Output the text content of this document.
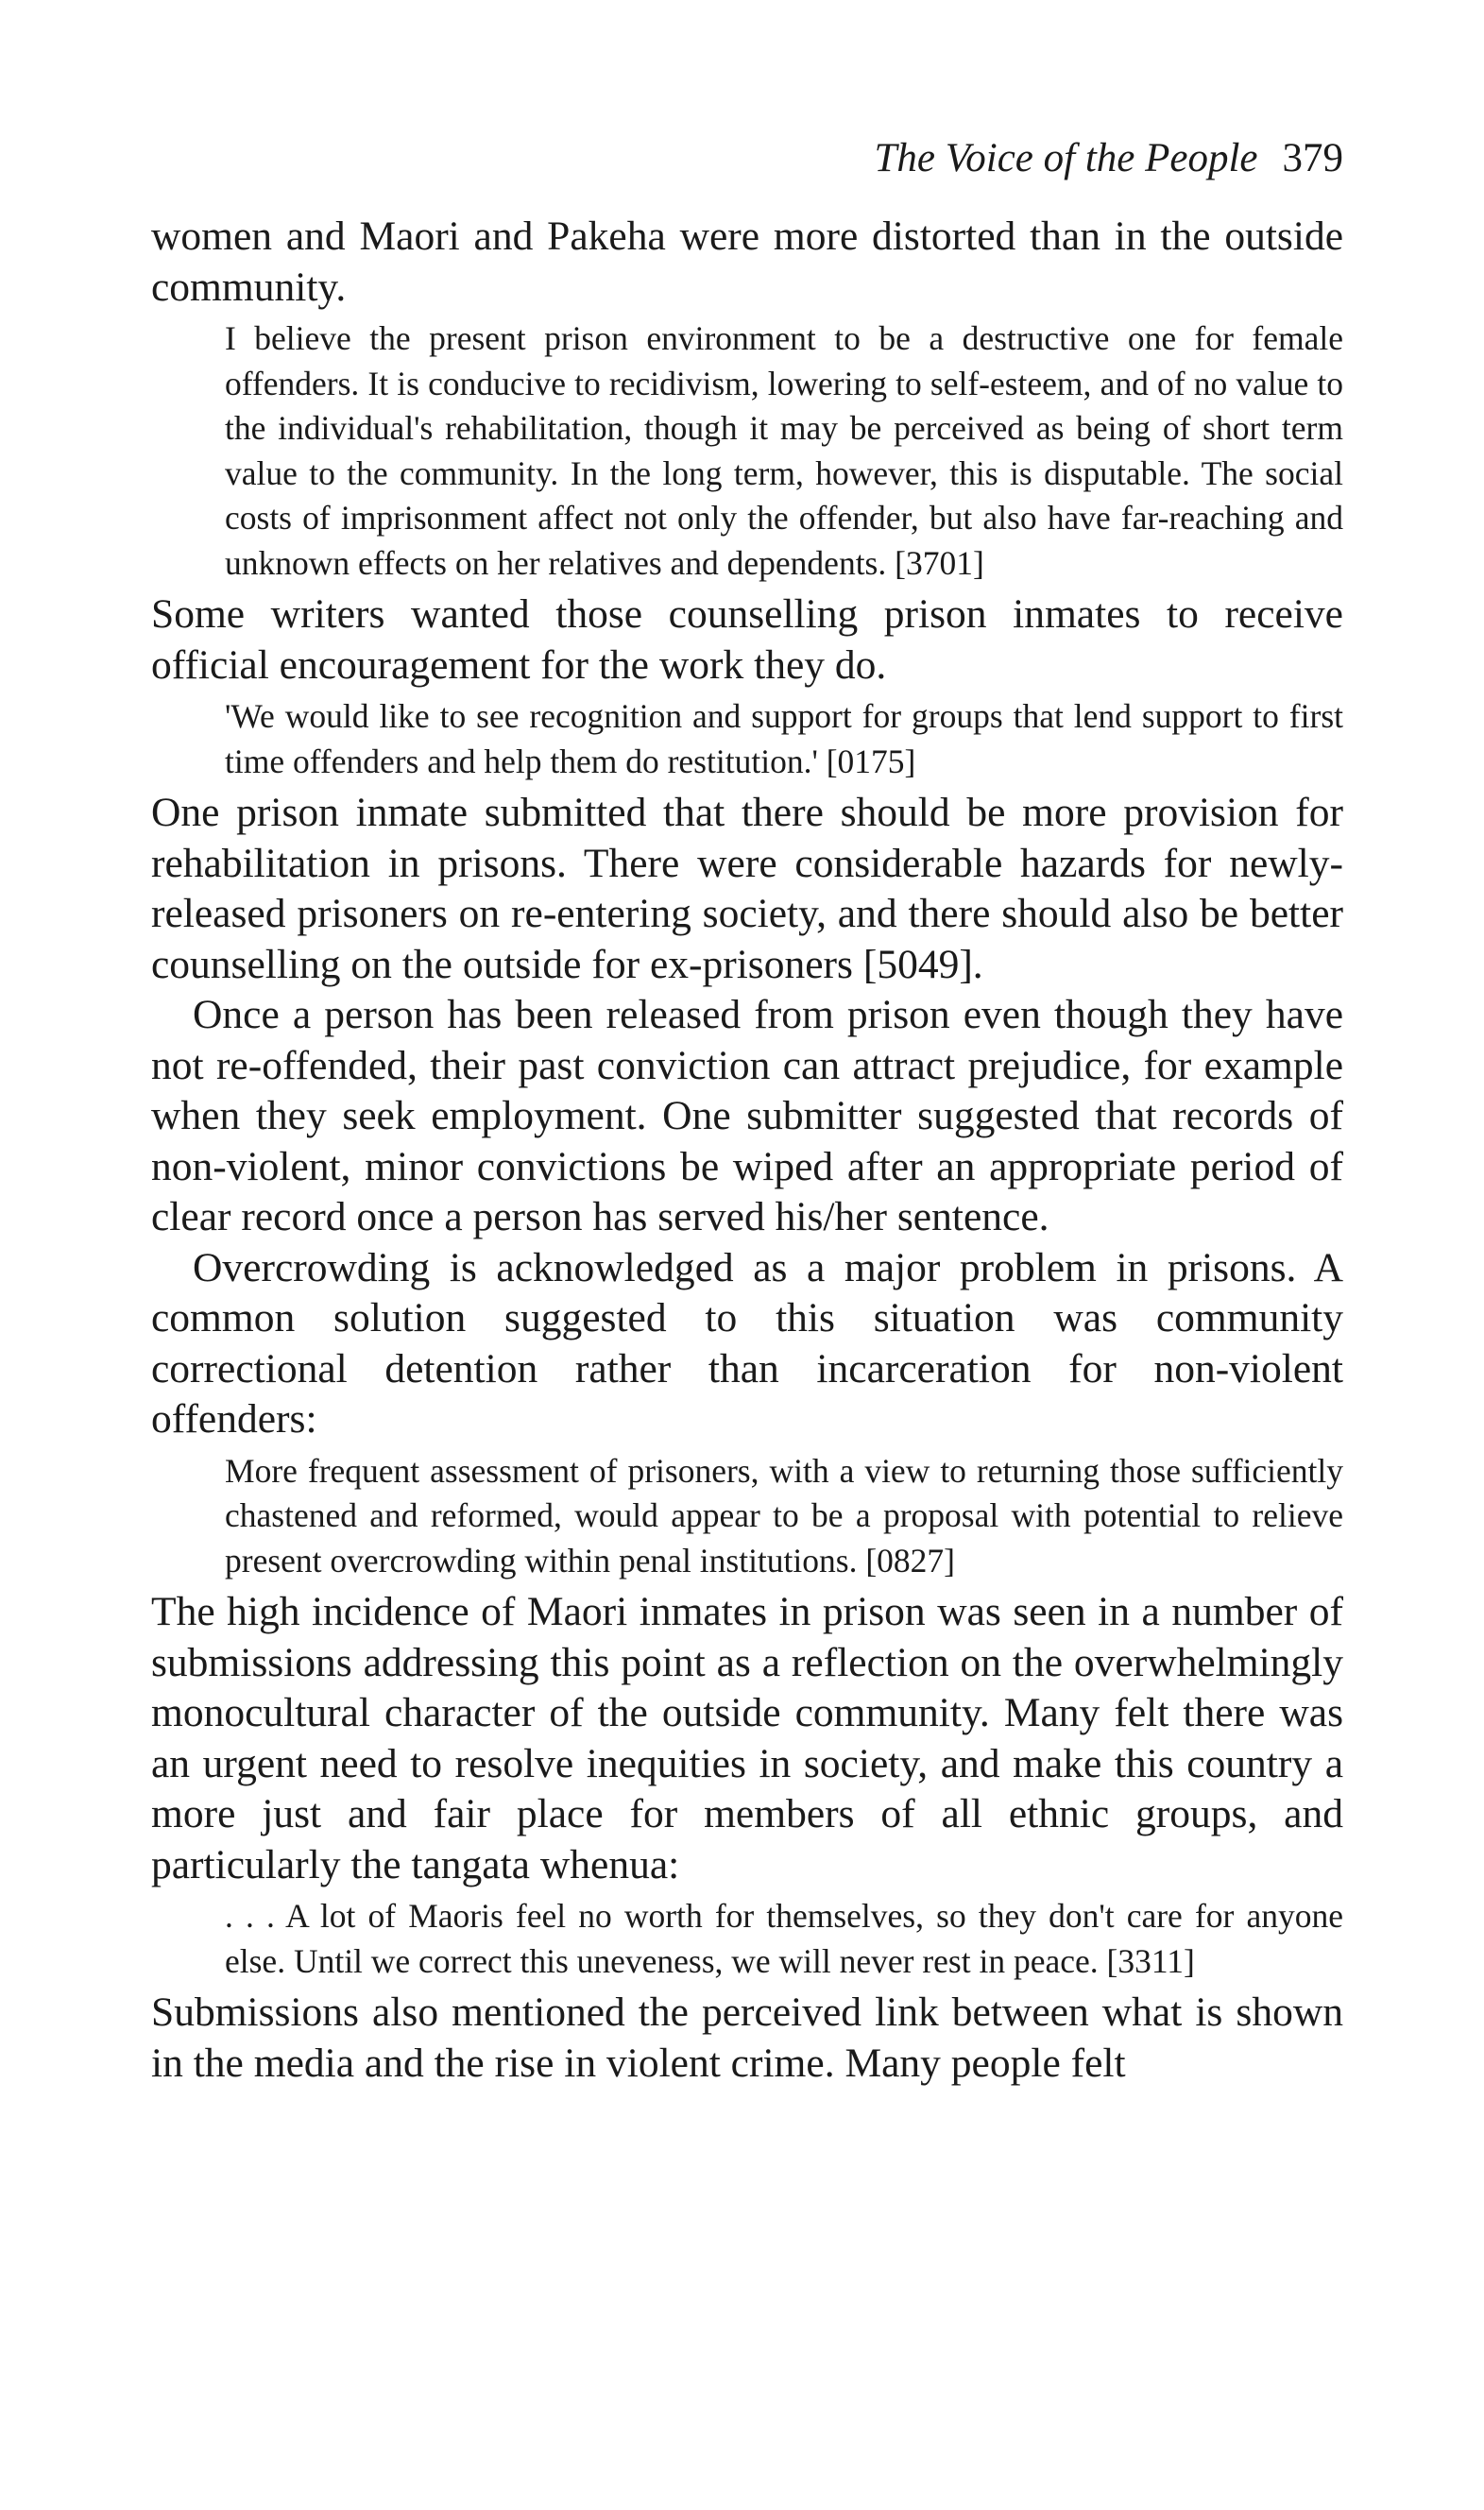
The Voice of the People 379

women and Maori and Pakeha were more distorted than in the outside community.

I believe the present prison environment to be a destructive one for female offenders. It is conducive to recidivism, lowering to self-esteem, and of no value to the individual's rehabilitation, though it may be perceived as being of short term value to the community. In the long term, however, this is disputable. The social costs of imprisonment affect not only the offender, but also have far-reaching and unknown effects on her relatives and dependents. [3701]

Some writers wanted those counselling prison inmates to receive official encouragement for the work they do.

'We would like to see recognition and support for groups that lend support to first time offenders and help them do restitution.' [0175]

One prison inmate submitted that there should be more provision for rehabilitation in prisons. There were considerable hazards for newly-released prisoners on re-entering society, and there should also be better counselling on the outside for ex-prisoners [5049].

Once a person has been released from prison even though they have not re-offended, their past conviction can attract prejudice, for example when they seek employment. One submitter suggested that records of non-violent, minor convictions be wiped after an appropriate period of clear record once a person has served his/her sentence.

Overcrowding is acknowledged as a major problem in prisons. A common solution suggested to this situation was community correctional detention rather than incarceration for non-violent offenders:

More frequent assessment of prisoners, with a view to returning those sufficiently chastened and reformed, would appear to be a proposal with potential to relieve present overcrowding within penal institutions. [0827]

The high incidence of Maori inmates in prison was seen in a number of submissions addressing this point as a reflection on the overwhelmingly monocultural character of the outside community. Many felt there was an urgent need to resolve inequities in society, and make this country a more just and fair place for members of all ethnic groups, and particularly the tangata whenua:

. . . A lot of Maoris feel no worth for themselves, so they don't care for anyone else. Until we correct this uneveness, we will never rest in peace. [3311]

Submissions also mentioned the perceived link between what is shown in the media and the rise in violent crime. Many people felt
